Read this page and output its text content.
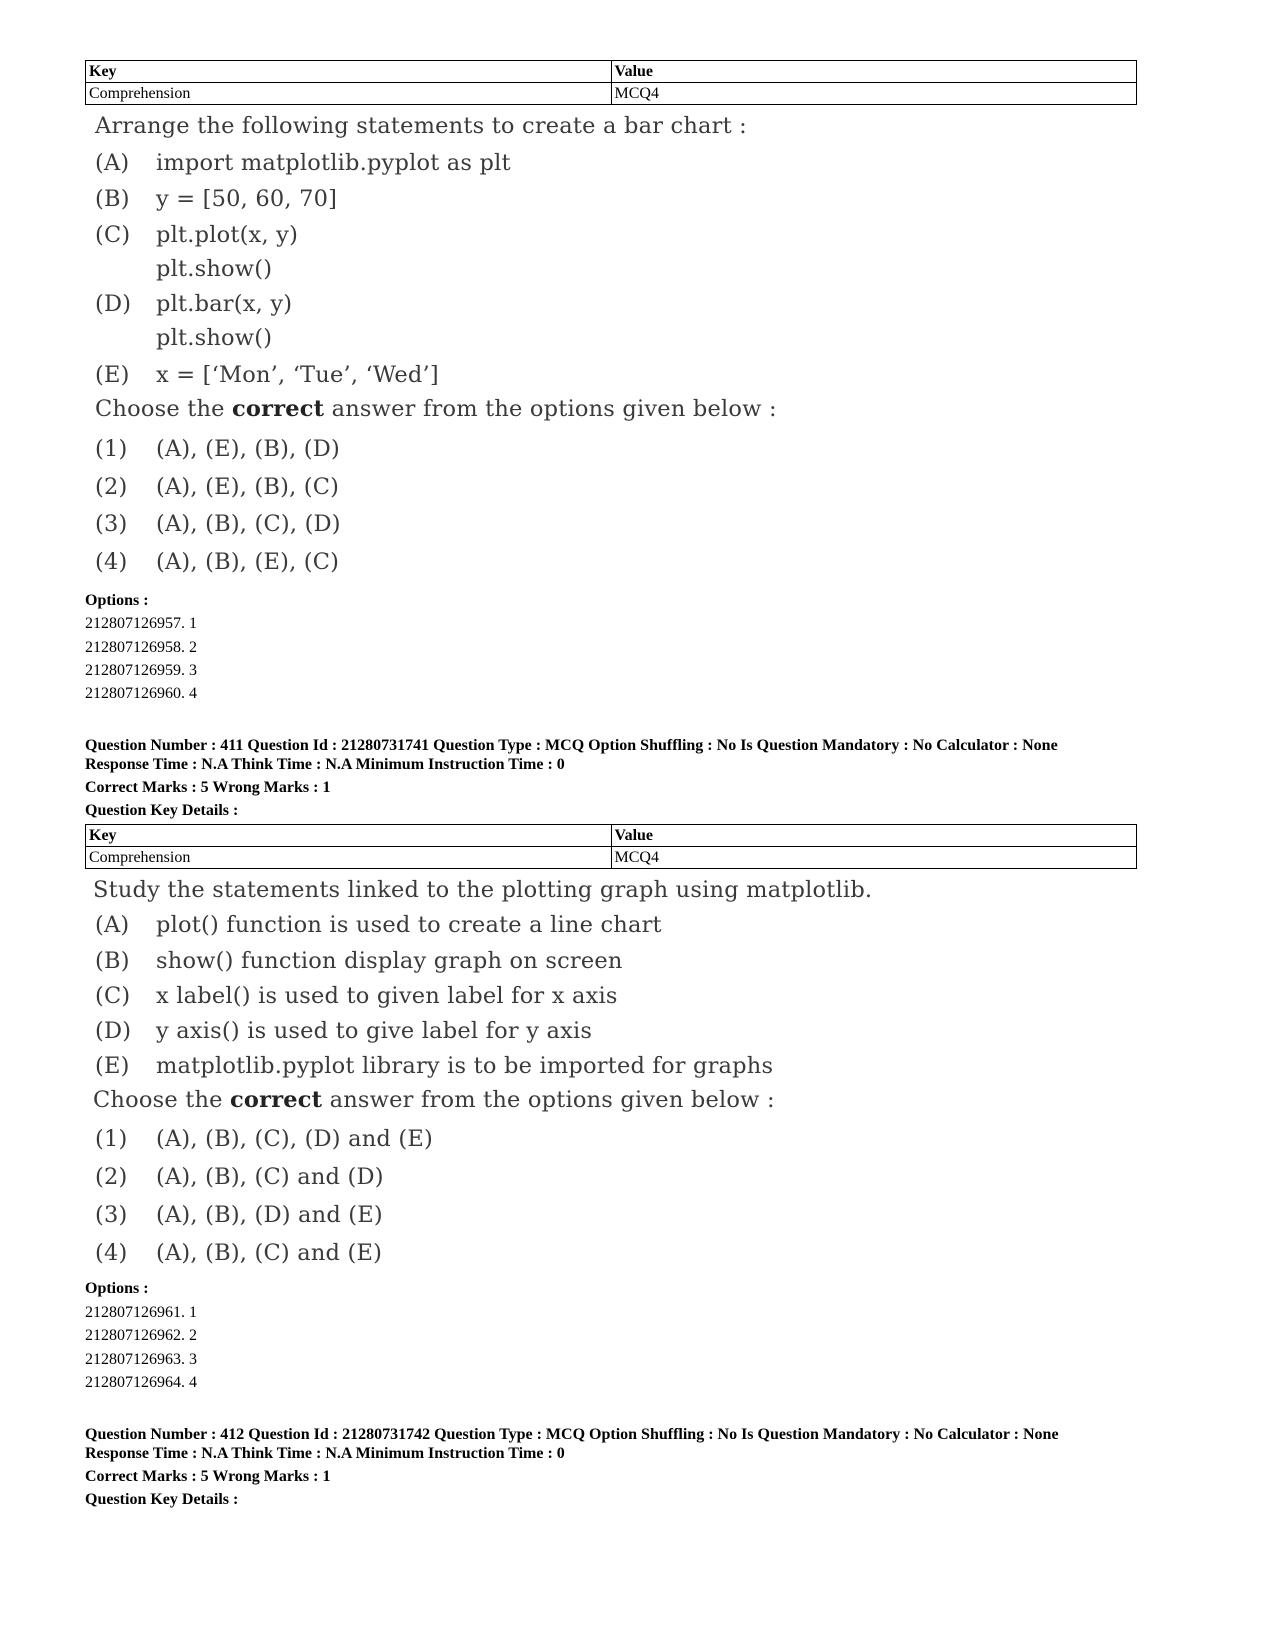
Key	Value
Comprehension	MCQ4
Arrange the following statements to create a bar chart :
(A) import matplotlib.pyplot as plt
(B) y = [50, 60, 70]
(C) plt.plot(x, y)
plt.show()
(D) plt.bar(x, y)
plt.show()
(E) x = [‘Mon’, ‘Tue’, ‘Wed’]
Choose the correct answer from the options given below :
(1) (A), (E), (B), (D)
(2) (A), (E), (B), (C)
(3) (A), (B), (C), (D)
(4) (A), (B), (E), (C)
Options :
212807126957. 1
212807126958. 2
212807126959. 3
212807126960. 4
Question Number : 411 Question Id : 21280731741 Question Type : MCQ Option Shuffling : No Is Question Mandatory : No Calculator : None
Response Time : N.A Think Time : N.A Minimum Instruction Time : 0
Correct Marks : 5 Wrong Marks : 1
Question Key Details :
Key	Value
Comprehension	MCQ4
Study the statements linked to the plotting graph using matplotlib.
(A) plot() function is used to create a line chart
(B) show() function display graph on screen
(C) x label() is used to given label for x axis
(D) y axis() is used to give label for y axis
(E) matplotlib.pyplot library is to be imported for graphs
Choose the correct answer from the options given below :
(1) (A), (B), (C), (D) and (E)
(2) (A), (B), (C) and (D)
(3) (A), (B), (D) and (E)
(4) (A), (B), (C) and (E)
Options :
212807126961. 1
212807126962. 2
212807126963. 3
212807126964. 4
Question Number : 412 Question Id : 21280731742 Question Type : MCQ Option Shuffling : No Is Question Mandatory : No Calculator : None
Response Time : N.A Think Time : N.A Minimum Instruction Time : 0
Correct Marks : 5 Wrong Marks : 1
Question Key Details :
